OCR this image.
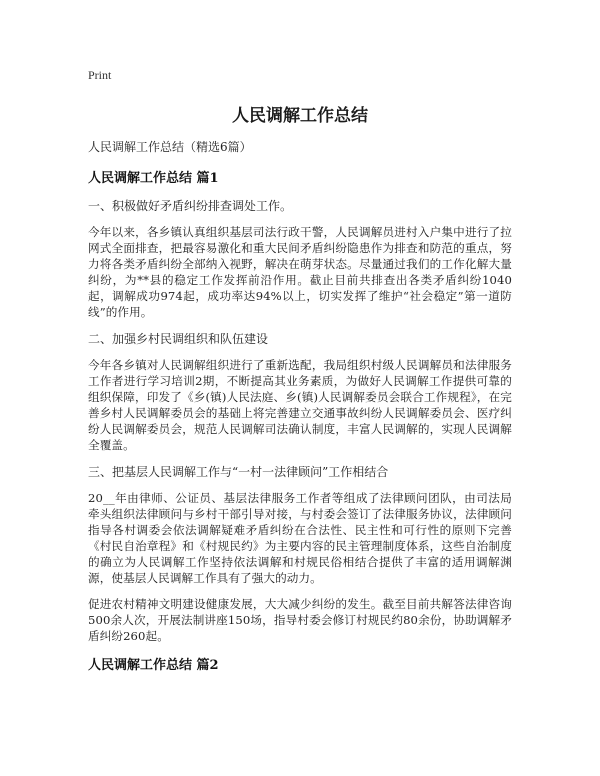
Print
人民调解工作总结
人民调解工作总结（精选6篇）
人民调解工作总结 篇1
一、积极做好矛盾纠纷排查调处工作。

今年以来，各乡镇认真组织基层司法行政干警，人民调解员进村入户集中进行了拉网式全面排查，把最容易激化和重大民间矛盾纠纷隐患作为排查和防范的重点，努力将各类矛盾纠纷全部纳入视野，解决在萌芽状态。尽量通过我们的工作化解大量纠纷，为**县的稳定工作发挥前沿作用。截止目前共排查出各类矛盾纠纷1040起，调解成功974起，成功率达94%以上，切实发挥了维护“社会稳定”第一道防线”的作用。

二、加强乡村民调组织和队伍建设

今年各乡镇对人民调解组织进行了重新选配，我局组织村级人民调解员和法律服务工作者进行学习培训2期，不断提高其业务素质，为做好人民调解工作提供可靠的组织保障，印发了《乡(镇)人民法庭、乡(镇)人民调解委员会联合工作规程》，在完善乡村人民调解委员会的基础上将完善建立交通事故纠纷人民调解委员会、医疗纠纷人民调解委员会，规范人民调解司法确认制度，丰富人民调解的，实现人民调解全覆盖。

三、把基层人民调解工作与“一村一法律顾问”工作相结合

20__年由律师、公证员、基层法律服务工作者等组成了法律顾问团队，由司法局牵头组织法律顾问与乡村干部引导对接，与村委会签订了法律服务协议，法律顾问指导各村调委会依法调解疑难矛盾纠纷在合法性、民主性和可行性的原则下完善《村民自治章程》和《村规民约》为主要内容的民主管理制度体系，这些自治制度的确立为人民调解工作坚持依法调解和村规民俗相结合提供了丰富的适用调解渊源，使基层人民调解工作具有了强大的动力。

促进农村精神文明建设健康发展，大大减少纠纷的发生。截至目前共解答法律咨询500余人次，开展法制讲座150场，指导村委会修订村规民约80余份，协助调解矛盾纠纷260起。

人民调解工作总结 篇2
